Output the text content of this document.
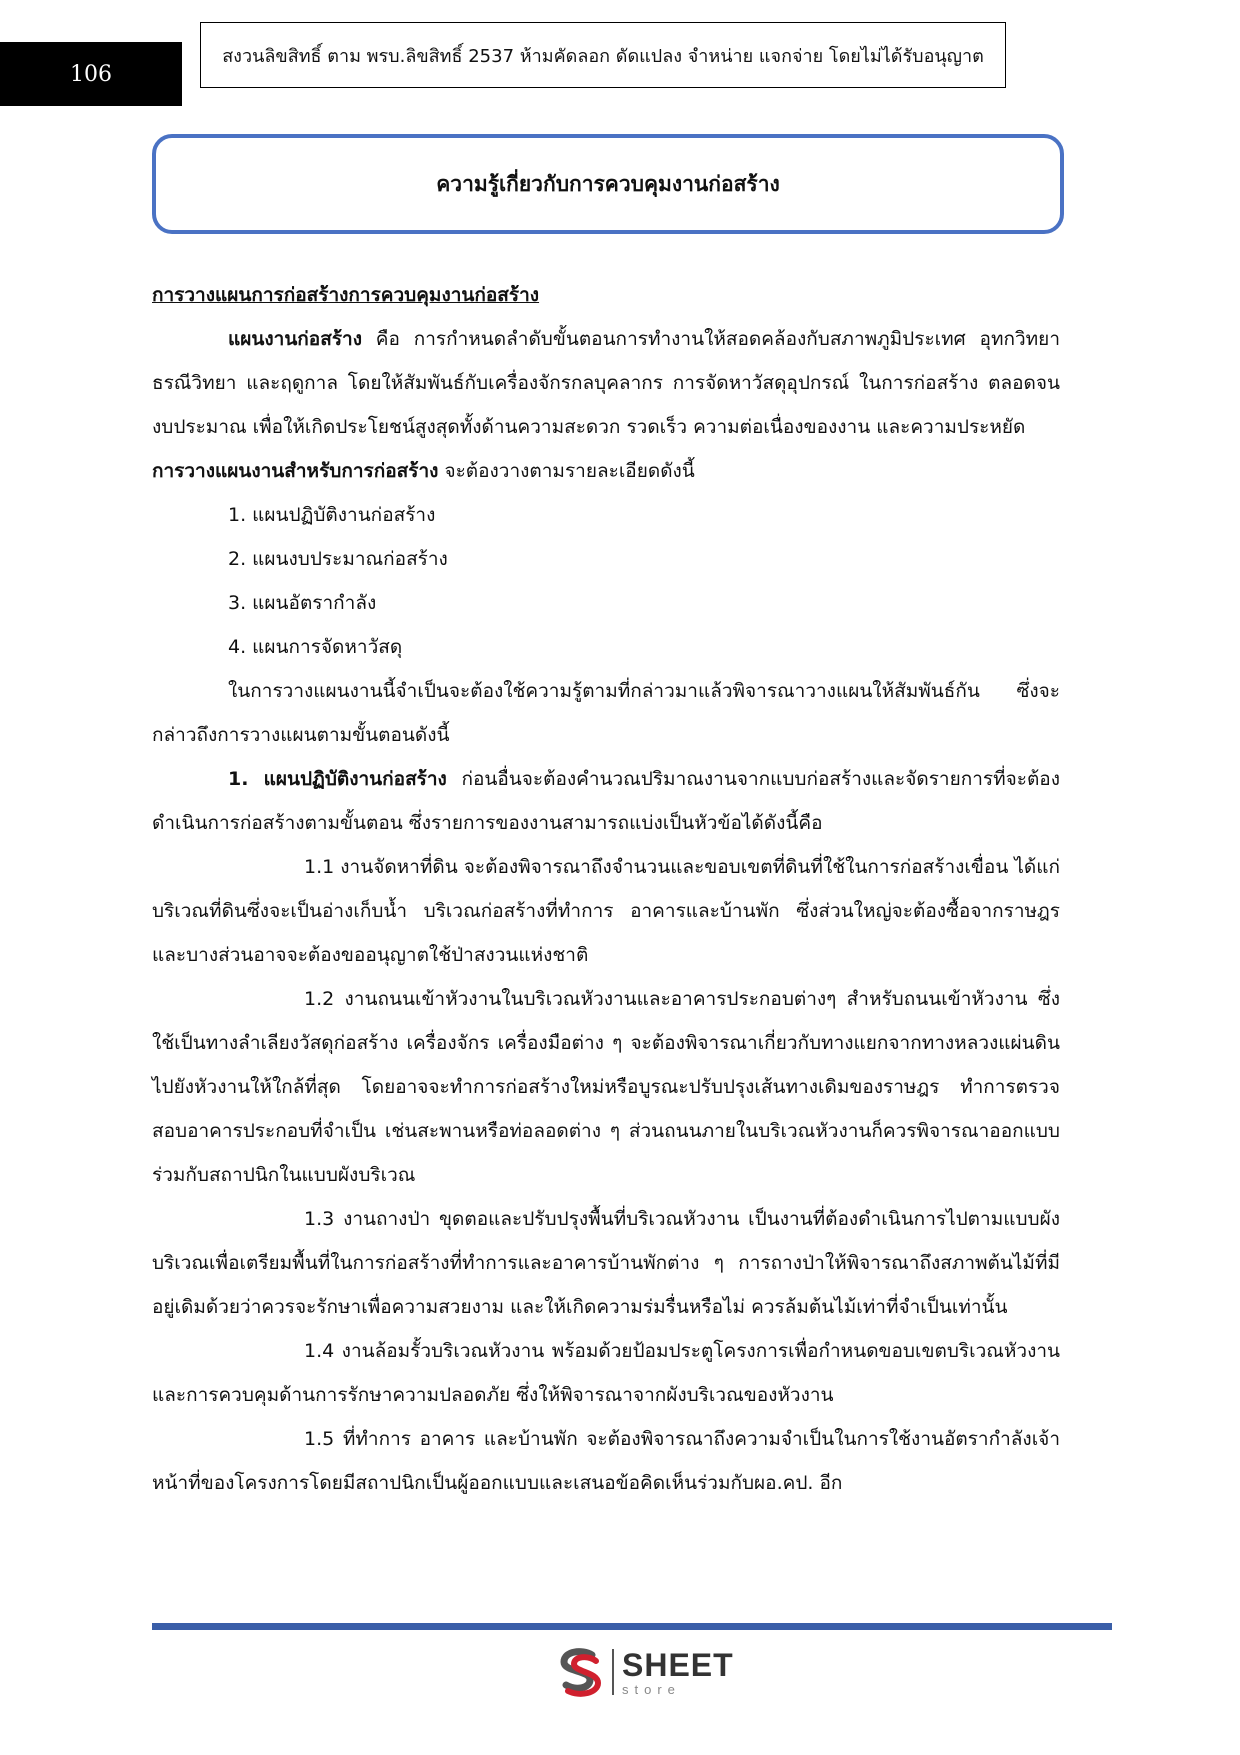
106
สงวนลิขสิทธิ์ ตาม พรบ.ลิขสิทธิ์ 2537 ห้ามคัดลอก ดัดแปลง จำหน่าย แจกจ่าย โดยไม่ได้รับอนุญาต
ความรู้เกี่ยวกับการควบคุมงานก่อสร้าง

การวางแผนการก่อสร้างการควบคุมงานก่อสร้าง

แผนงานก่อสร้าง คือ การกำหนดลำดับขั้นตอนการทำงานให้สอดคล้องกับสภาพภูมิประเทศ อุทกวิทยา ธรณีวิทยา และฤดูกาล โดยให้สัมพันธ์กับเครื่องจักรกลบุคลากร การจัดหาวัสดุอุปกรณ์ ในการก่อสร้าง ตลอดจนงบประมาณ เพื่อให้เกิดประโยชน์สูงสุดทั้งด้านความสะดวก รวดเร็ว ความต่อเนื่องของงาน และความประหยัด

การวางแผนงานสำหรับการก่อสร้าง จะต้องวางตามรายละเอียดดังนี้

1. แผนปฏิบัติงานก่อสร้าง

2. แผนงบประมาณก่อสร้าง

3. แผนอัตรากำลัง

4. แผนการจัดหาวัสดุ

ในการวางแผนงานนี้จำเป็นจะต้องใช้ความรู้ตามที่กล่าวมาแล้วพิจารณาวางแผนให้สัมพันธ์กัน ซึ่งจะกล่าวถึงการวางแผนตามขั้นตอนดังนี้

1. แผนปฏิบัติงานก่อสร้าง ก่อนอื่นจะต้องคำนวณปริมาณงานจากแบบก่อสร้างและจัดรายการที่จะต้องดำเนินการก่อสร้างตามขั้นตอน ซึ่งรายการของงานสามารถแบ่งเป็นหัวข้อได้ดังนี้คือ

1.1 งานจัดหาที่ดิน จะต้องพิจารณาถึงจำนวนและขอบเขตที่ดินที่ใช้ในการก่อสร้างเขื่อน ได้แก่ บริเวณที่ดินซึ่งจะเป็นอ่างเก็บน้ำ บริเวณก่อสร้างที่ทำการ อาคารและบ้านพัก ซึ่งส่วนใหญ่จะต้องซื้อจากราษฎร และบางส่วนอาจจะต้องขออนุญาตใช้ป่าสงวนแห่งชาติ

1.2 งานถนนเข้าหัวงานในบริเวณหัวงานและอาคารประกอบต่างๆ สำหรับถนนเข้าหัวงาน ซึ่งใช้เป็นทางลำเลียงวัสดุก่อสร้าง เครื่องจักร เครื่องมือต่าง ๆ จะต้องพิจารณาเกี่ยวกับทางแยกจากทางหลวงแผ่นดิน ไปยังหัวงานให้ใกล้ที่สุด โดยอาจจะทำการก่อสร้างใหม่หรือบูรณะปรับปรุงเส้นทางเดิมของราษฎร ทำการตรวจสอบอาคารประกอบที่จำเป็น เช่นสะพานหรือท่อลอดต่าง ๆ ส่วนถนนภายในบริเวณหัวงานก็ควรพิจารณาออกแบบร่วมกับสถาปนิกในแบบผังบริเวณ

1.3 งานถางป่า ขุดตอและปรับปรุงพื้นที่บริเวณหัวงาน เป็นงานที่ต้องดำเนินการไปตามแบบผังบริเวณเพื่อเตรียมพื้นที่ในการก่อสร้างที่ทำการและอาคารบ้านพักต่าง ๆ การถางป่าให้พิจารณาถึงสภาพต้นไม้ที่มีอยู่เดิมด้วยว่าควรจะรักษาเพื่อความสวยงาม และให้เกิดความร่มรื่นหรือไม่ ควรล้มต้นไม้เท่าที่จำเป็นเท่านั้น

1.4 งานล้อมรั้วบริเวณหัวงาน พร้อมด้วยป้อมประตูโครงการเพื่อกำหนดขอบเขตบริเวณหัวงานและการควบคุมด้านการรักษาความปลอดภัย ซึ่งให้พิจารณาจากผังบริเวณของหัวงาน

1.5 ที่ทำการ อาคาร และบ้านพัก จะต้องพิจารณาถึงความจำเป็นในการใช้งานอัตรากำลังเจ้าหน้าที่ของโครงการโดยมีสถาปนิกเป็นผู้ออกแบบและเสนอข้อคิดเห็นร่วมกับผอ.คป. อีก

SHEET
store
